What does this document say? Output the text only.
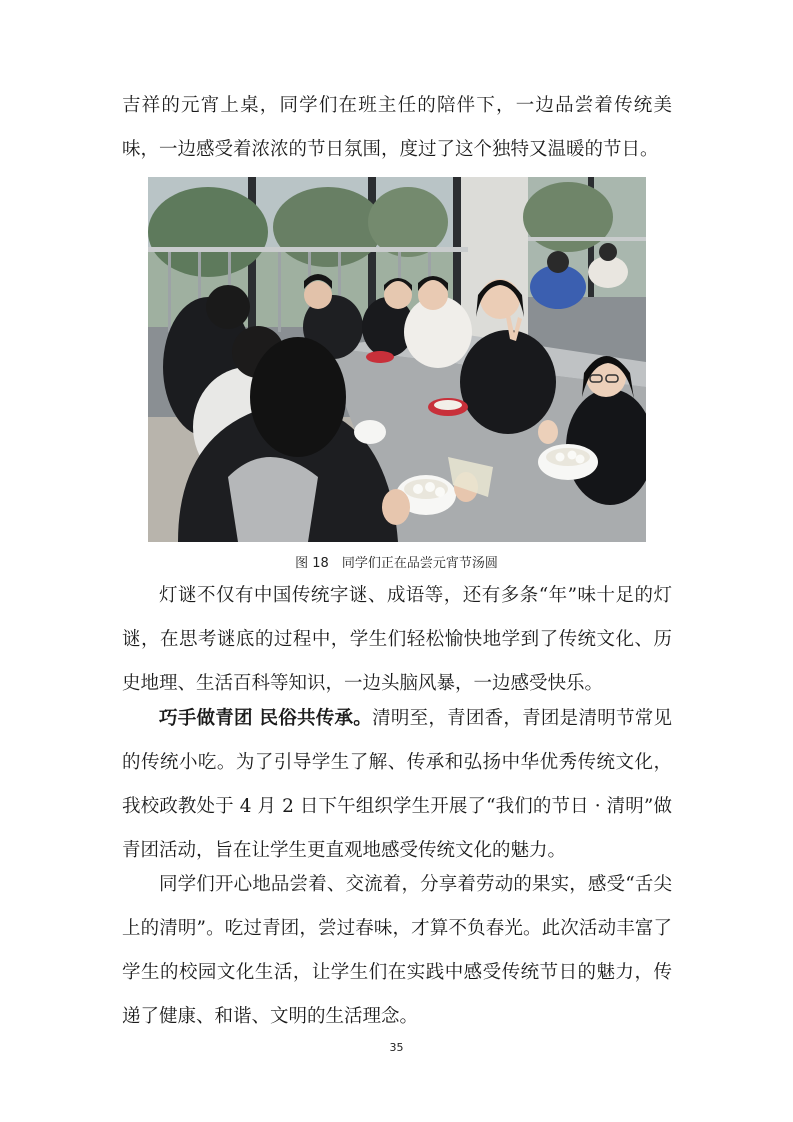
吉祥的元宵上桌，同学们在班主任的陪伴下，一边品尝着传统美味，一边感受着浓浓的节日氛围，度过了这个独特又温暖的节日。

图 18　同学们正在品尝元宵节汤圆

灯谜不仅有中国传统字谜、成语等，还有多条“年”味十足的灯谜，在思考谜底的过程中，学生们轻松愉快地学到了传统文化、历史地理、生活百科等知识，一边头脑风暴，一边感受快乐。

巧手做青团 民俗共传承。清明至，青团香，青团是清明节常见的传统小吃。为了引导学生了解、传承和弘扬中华优秀传统文化，我校政教处于 4 月 2 日下午组织学生开展了“我们的节日 · 清明”做青团活动，旨在让学生更直观地感受传统文化的魅力。

同学们开心地品尝着、交流着，分享着劳动的果实，感受“舌尖上的清明”。吃过青团，尝过春味，才算不负春光。此次活动丰富了学生的校园文化生活，让学生们在实践中感受传统节日的魅力，传递了健康、和谐、文明的生活理念。

35
